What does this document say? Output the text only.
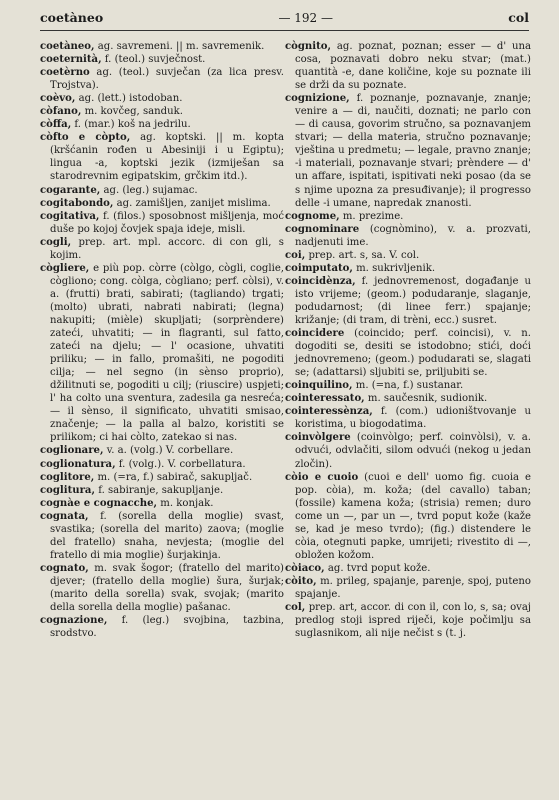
coetàneo	— 192 —	col

coetàneo, ag. savremeni. || m. savremenik.

coeternità, f. (teol.) suvječnost.

coetèrno ag. (teol.) suvječan (za lica presv. Trojstva).

coèvo, ag. (lett.) istodoban.

còfano, m. kovčeg, sanduk.

còffa, f. (mar.) koš na jedrilu.

còfto e còpto, ag. koptski. || m. kopta (kršćanin rođen u Abesiniji i u Egiptu); lingua -a, koptski jezik (izmiješan sa starodrevnim egipatskim, grčkim itd.).

cogarante, ag. (leg.) sujamac.

cogitabondo, ag. zamišljen, zanijet mislima.

cogitativa, f. (filos.) sposobnost mišljenja, moć duše po kojoj čovjek spaja ideje, misli.

cogli, prep. art. mpl. accorc. di con gli, s kojim.

cògliere, e più pop. còrre (còlgo, cògli, coglie, cògliono; cong. còlga, cògliano; perf. còlsi), v. a. (frutti) brati, sabirati; (tagliando) trgati; (molto) ubrati, nabrati nabirati; (legna) nakupiti; (mièle) skupljati; (sorprèndere) zateći, uhvatiti; — in flagranti, sul fatto, zateći na djelu; — l' ocasione, uhvatiti priliku; — in fallo, promašiti, ne pogoditi cilja; — nel segno (in sènso proprio), džilitnuti se, pogoditi u cilj; (riuscire) uspjeti; l' ha colto una sventura, zadesila ga nesreća; — il sènso, il significato, uhvatiti smisao, značenje; — la palla al balzo, koristiti se prilikom; ci hai còlto, zatekao si nas.

coglionare, v. a. (volg.) V. corbellare.

coglionatura, f. (volg.). V. corbellatura.

coglitore, m. (=ra, f.) sabirač, sakupljač.

coglitura, f. sabiranje, sakupljanje.

cognàe e cognacche, m. konjak.

cognata, f. (sorella della moglie) svast, svastika; (sorella del marito) zaova; (moglie del fratello) snaha, nevjesta; (moglie del fratello di mia moglie) šurjakinja.

cognato, m. svak šogor; (fratello del marito) djever; (fratello della moglie) šura, šurjak; (marito della sorella) svak, svojak; (marito della sorella della moglie) pašanac.

cognazione, f. (leg.) svojbina, tazbina, srodstvo.

cògnito, ag. poznat, poznan; esser — d' una cosa, poznavati dobro neku stvar; (mat.) quantità -e, dane količine, koje su poznate ili se drži da su poznate.

cognizione, f. poznanje, poznavanje, znanje; venire a — di, naučiti, doznati; ne parlo con — di causa, govorim stručno, sa poznavanjem stvari; — della materia, stručno poznavanje; vještina u predmetu; — legale, pravno znanje; -i materiali, poznavanje stvari; prèndere — d' un affare, ispitati, ispitivati neki posao (da se s njime upozna za presuđivanje); il progresso delle -i umane, napredak znanosti.

cognome, m. prezime.

cognominare (cognòmino), v. a. prozvati, nadjenuti ime.

coi, prep. art. s, sa. V. col.

coimputato, m. sukrivljenik.

coincidènza, f. jednovremenost, događanje u isto vrijeme; (geom.) podudaranje, slaganje, podudarnost; (di linee ferr.) spajanje; križanje; (di tram, di trèni, ecc.) susret.

coincidere (coincido; perf. coincisi), v. n. dogoditi se, desiti se istodobno; stići, doći jednovremeno; (geom.) podudarati se, slagati se; (adattarsi) sljubiti se, priljubiti se.

coinquilino, m. (=na, f.) sustanar.

cointeressato, m. saučesnik, sudionik.

cointeressènza, f. (com.) udioništvovanje u koristima, u biogodatima.

coinvòlgere (coinvòlgo; perf. coinvòlsi), v. a. odvući, odvlačiti, silom odvući (nekog u jedan zločin).

còio e cuoio (cuoi e dell' uomo fig. cuoia e pop. còia), m. koža; (del cavallo) taban; (fossile) kamena koža; (strisia) remen; duro come un —, par un —, tvrd poput kože (kaže se, kad je meso tvrdo); (fig.) distendere le còia, otegnuti papke, umrijeti; rivestito di —, obložen kožom.

còiaco, ag. tvrd poput kože.

còito, m. prileg, spajanje, parenje, spoj, puteno spajanje.

col, prep. art, accor. di con il, con lo, s, sa; ovaj predlog stoji ispred riječi, koje počimlju sa suglasnikom, ali nije nečist s (t. j.
